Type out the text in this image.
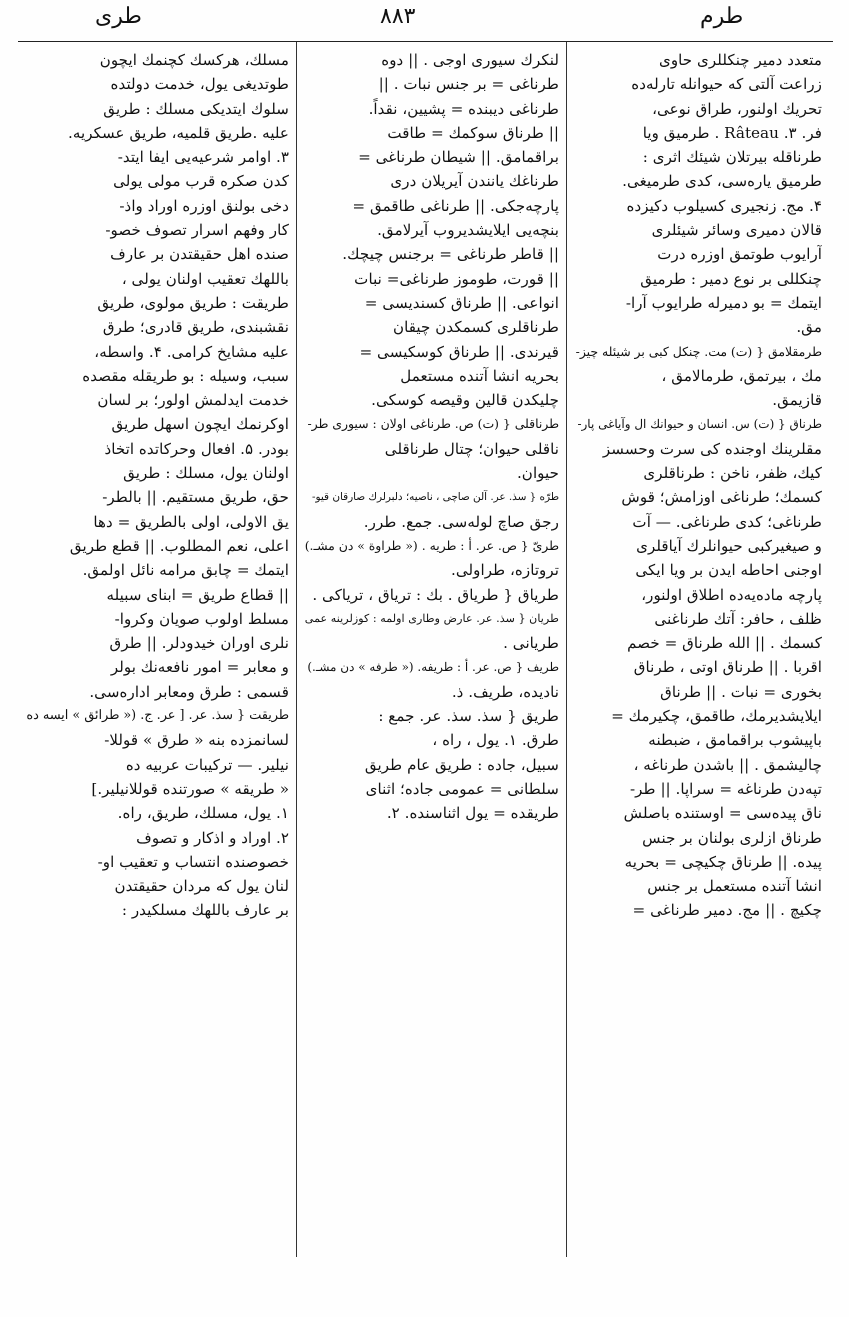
طرى	۸۸۳	طرم
متعدد دمير چنكللرى حاوى
زراعت آلتى كه حيوانله تارلەدە
تحريك اولنور، طراق نوعى،
فر. Râteau .۳ . طرميق ويا
طرناقله بيرتلان شيئك اثرى :
طرميق يارەسى، كدى طرميغى.
۴. مج. زنجيرى كسيلوب دكيزده
قالان دميرى وسائر شيئلرى
آرايوب طوتمق اوزره درت
چنكللى بر نوع دمير : طرميق
ايتمك = بو دميرله طرايوب آرا-
مق.
طرمقلامق { (ت) مت. چنكل كبى بر شيئله چيز-
مك ، بيرتمق، طرمالامق ،
قازيمق.
طرناق { (ت) س. انسان و حيوانك ال وآياغى پار-
مقلرينك اوجنده كى سرت وحسسز
كيك، ظفر، ناخن : طرناقلرى
كسمك؛ طرناغى اوزامش؛ قوش
طرناغى؛ كدى طرناغى. — آت
و صيغيركبى حيوانلرك آياقلرى
اوجنى احاطه ايدن بر ويا ايكى
پارچه مادەيەده اطلاق اولنور،
ظلف ، حافر: آتك طرناغنى
كسمك . || الله طرناق = خصم
اقربا . || طرناق اوتى ، طرناق
بخورى = نبات . || طرناق
ايلايشديرمك، طاقمق، چكيرمك =
باپيشوب براقمامق ، ضبطنه
چاليشمق . || باشدن طرناغه ،
تپەدن طرناغه = سراپا. || طر-
ناق پيدەسى = اوستنده باصلش
طرناق ازلرى بولنان بر جنس
پيده. || طرناق چكيچى = بحريه
انشا آتنده مستعمل بر جنس
چكيچ . || مج. دمير طرناغى =
لنكرك سيورى اوجى . || دوه
طرناغى = بر جنس نبات . ||
طرناغى ديبنده = پشيين، نقداً.
|| طرناق سوكمك = طاقت
براقمامق. || شيطان طرناغى =
طرناغك يانندن آيريلان درى
پارچەجكى. || طرناغى طاقمق =
بنچەيى ايلايشديروب آيرلامق.
|| قاطر طرناغى = برجنس چيچك.
|| قورت، طوموز طرناغى= نبات
انواعى. || طرناق كسنديسى =
طرناقلرى كسمكدن چيقان
قيرندى. || طرناق كوسكيسى =
بحريه انشا آتنده مستعمل
چليكدن قالين وقيصه كوسكى.
طرناقلى { (ت) ص. طرناغى اولان : سيورى طر-
ناقلى حيوان؛ چتال طرناقلى
حيوان.
طرّه { سذ. عر. آلن صاچى ، ناصيه؛ دلبرلرك صارقان قيو-
رجق صاچ لولەسى. جمع. طرر.
طرىّ { ص. عر. أ : طريه . (« طراوة » دن مشـ.)
تروتازه، طراولى.
طرياق { طرياق . بك : ترياق ، ترياكى .
طريان { سذ. عر. عارض وطارى اولمه : كوزلرينه عمى
طريانى .
طريف { ص. عر. أ : طريفه. (« طرفه » دن مشـ.)
ناديده، طريف. ذ.
طريق { سذ. سذ. عر. جمع :
طرق. ۱. يول ، راه ،
سبيل، جاده : طريق عام طريق
سلطانى = عمومى جاده؛ اثناى
طريقده = يول اثناسنده. ۲.
مسلك، هركسك كچنمك ايچون
طوتديغى يول، خدمت دولتده
سلوك ايتديكى مسلك : طريق
عليه .طريق قلميه، طريق عسكريه.
۳. اوامر شرعيەيى ايفا ايتد-
كدن صكره قرب مولى يولى
دخى بولنق اوزره اوراد واذ-
كار وفهم اسرار تصوف خصو-
صنده اهل حقيقتدن بر عارف
باللهك تعقيب اولنان يولى ،
طريقت : طريق مولوى، طريق
نقشبندى، طريق قادرى؛ طرق
عليه مشايخ كرامى. ۴. واسطه،
سبب، وسيله : بو طريقله مقصده
خدمت ايدلمش اولور؛ بر لسان
اوكرنمك ايچون اسهل طريق
بودر. ۵. افعال وحركاتده اتخاذ
اولنان يول، مسلك : طريق
حق، طريق مستقيم. || بالطر-
يق الاولى، اولى بالطريق = دها
اعلى، نعم المطلوب. || قطع طريق
ايتمك = چابق مرامه نائل اولمق.
|| قطاع طريق = ابنای سبيله
مسلط اولوب صويان وكروا-
نلرى اوران خيدودلر. || طرق
و معابر = امور نافعەنك بولر
قسمى : طرق ومعابر ادارەسى.
طريقت { سذ. عر. [ عر. ج. (« طرائق » ايسه ده
لسانمزده بنه « طرق » قوللا-
نيلير. — تركيبات عربيه ده
« طريقه » صورتنده قوللانيلير.]
۱. يول، مسلك، طريق، راه.
۲. اوراد و اذكار و تصوف
خصوصنده انتساب و تعقيب او-
لنان يول كه مردان حقيقتدن
بر عارف باللهك مسلكيدر :
